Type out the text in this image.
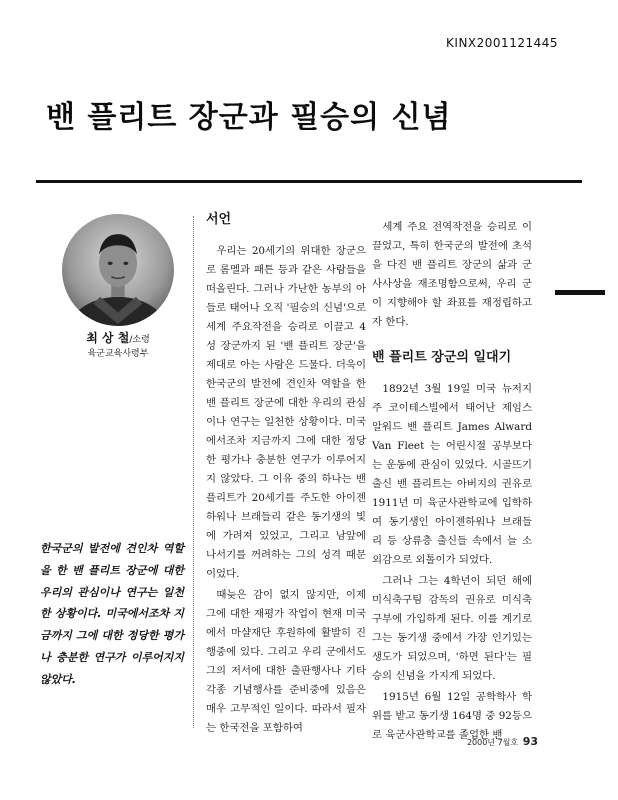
KINX2001121445
밴 플리트 장군과 필승의 신념
최 상 철/소령
육군교육사령부
한국군의 발전에 견인차 역할을 한 밴 플리트 장군에 대한 우리의 관심이나 연구는 일천한 상황이다. 미국에서조차 지금까지 그에 대한 정당한 평가나 충분한 연구가 이루어지지 않았다.
서언

우리는 20세기의 위대한 장군으로 롬멜과 패튼 등과 같은 사람들을 떠올린다. 그러나 가난한 농부의 아들로 태어나 오직 '필승의 신념'으로 세계 주요작전을 승리로 이끌고 4성 장군까지 된 '밴 플리트 장군'을 제대로 아는 사람은 드물다. 더욱이 한국군의 발전에 견인차 역할을 한 밴 플리트 장군에 대한 우리의 관심이나 연구는 일천한 상황이다. 미국에서조차 지금까지 그에 대한 정당한 평가나 충분한 연구가 이루어지지 않았다. 그 이유 중의 하나는 밴 플리트가 20세기를 주도한 아이젠하워나 브래들리 같은 동기생의 빛에 가려져 있었고, 그리고 남앞에 나서기를 꺼려하는 그의 성격 때문이었다.

때늦은 감이 없지 않지만, 이제 그에 대한 재평가 작업이 현재 미국에서 마샬재단 후원하에 활발히 진행중에 있다. 그리고 우리 군에서도 그의 저서에 대한 출판행사나 기타 각종 기념행사를 준비중에 있음은 매우 고무적인 일이다. 따라서 필자는 한국전을 포함하여

세계 주요 전역작전을 승리로 이끌었고, 특히 한국군의 발전에 초석을 다진 밴 플리트 장군의 삶과 군사사상을 재조명함으로써, 우리 군이 지향해야 할 좌표를 재정립하고자 한다.

밴 플리트 장군의 일대기

1892년 3월 19일 미국 뉴저지주 코이테스빌에서 태어난 제임스 알워드 밴 플리트 James Alward Van Fleet 는 어린시절 공부보다는 운동에 관심이 있었다. 시골뜨기 출신 밴 플리트는 아버지의 권유로 1911년 미 육군사관학교에 입학하여 동기생인 아이젠하워나 브래들리 등 상류층 출신들 속에서 늘 소외감으로 외톨이가 되었다.

그러나 그는 4학년이 되던 해에 미식축구팀 감독의 권유로 미식축구부에 가입하게 된다. 이를 계기로 그는 동기생 중에서 가장 인기있는 생도가 되었으며, '하면 된다'는 필승의 신념을 가지게 되었다.

1915년 6월 12일 공학학사 학위를 받고 동기생 164명 중 92등으로 육군사관학교를 졸업한 밴

2000년 7월호 93
